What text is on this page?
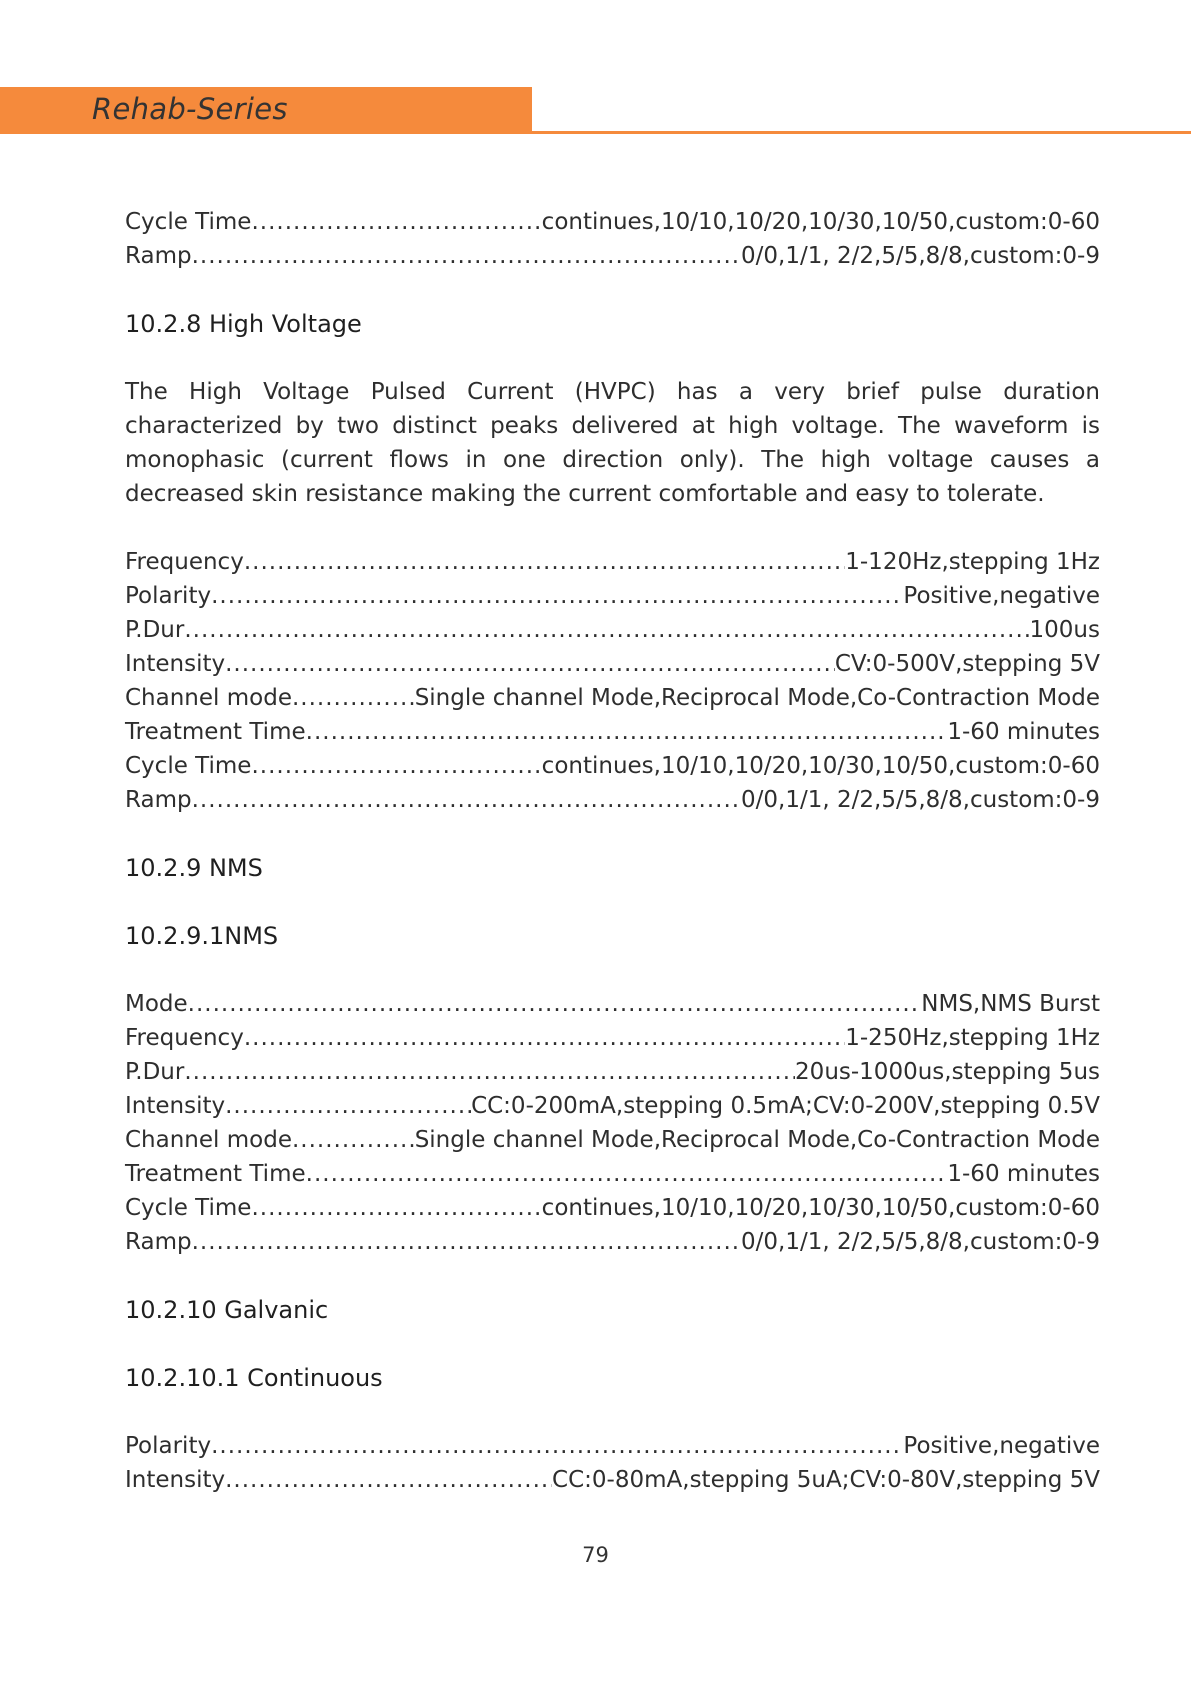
Rehab-Series
Cycle Time .....	continues,10/10,10/20,10/30,10/50,custom:0-60
Ramp .....	0/0,1/1, 2/2,5/5,8/8,custom:0-9
10.2.8 High Voltage
The High Voltage Pulsed Current (HVPC) has a very brief pulse duration characterized by two distinct peaks delivered at high voltage. The waveform is monophasic (current flows in one direction only). The high voltage causes a decreased skin resistance making the current comfortable and easy to tolerate.
Frequency .....	1-120Hz,stepping 1Hz
Polarity .....	Positive,negative
P.Dur .....	100us
Intensity .....	CV:0-500V,stepping 5V
Channel mode .....	Single channel Mode,Reciprocal Mode,Co-Contraction Mode
Treatment Time .....	1-60 minutes
Cycle Time .....	continues,10/10,10/20,10/30,10/50,custom:0-60
Ramp .....	0/0,1/1, 2/2,5/5,8/8,custom:0-9
10.2.9 NMS
10.2.9.1NMS
Mode .....	NMS,NMS Burst
Frequency .....	1-250Hz,stepping 1Hz
P.Dur .....	20us-1000us,stepping 5us
Intensity .....	CC:0-200mA,stepping 0.5mA;CV:0-200V,stepping 0.5V
Channel mode .....	Single channel Mode,Reciprocal Mode,Co-Contraction Mode
Treatment Time .....	1-60 minutes
Cycle Time .....	continues,10/10,10/20,10/30,10/50,custom:0-60
Ramp .....	0/0,1/1, 2/2,5/5,8/8,custom:0-9
10.2.10 Galvanic
10.2.10.1 Continuous
Polarity .....	Positive,negative
Intensity .....	CC:0-80mA,stepping 5uA;CV:0-80V,stepping 5V
79
